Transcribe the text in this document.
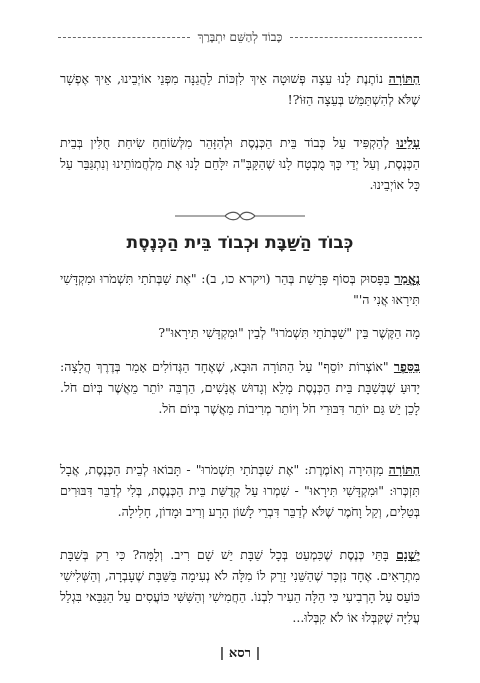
כָּבוֹד לְהַשֵּׁם יִתְבָּרַךְ

הַתּוֹרָה נוֹתֶנֶת לָנוּ עֵצָה פְּשׁוּטָה אֵיךְ לִזְכּוֹת לַהֲגַנָּה מִפְּנֵי אוֹיְבֵינוּ, אֵיךְ אֶפְשָׁר שֶׁלֹּא לְהִשְׁתַּמֵּשׁ בְּעֵצָה הַזּוֹ?!

עָלֵינוּ לְהַקְפִּיד עַל כְּבוֹד בֵּית הַכְּנֶסֶת וּלְהִזָּהֵר מִלְּשׂוֹחֵחַ שִׂיחַת חֻלִּין בְּבֵית הַכְּנֶסֶת, וְעַל יְדֵי כָּךְ מֻבְטָח לָנוּ שֶׁהַקָּבָּ"ה יִלָּחֵם לָנוּ אֶת מִלְחֲמוֹתֵינוּ וְנִתְגַּבֵּר עַל כָּל אוֹיְבֵינוּ.

כְּבוֹד הַשַּׁבָּת וּכְבוֹד בֵּית הַכְּנֶסֶת

נֶאֱמַר בַּפָּסוּק בְּסוֹף פָּרָשַׁת בְּהַר (ויקרא כו, ב): "אֶת שַׁבְּתֹתַי תִּשְׁמֹרוּ וּמִקְדָּשִׁי תִּירָאוּ אֲנִי ה'"

מָה הַקֶּשֶׁר בֵּין "שַׁבְּתֹתַי תִּשְׁמֹרוּ" לְבֵין "וּמִקְדָּשִׁי תִּירָאוּ"?

בַּסֵּפֶר "אוֹצְרוֹת יוֹסֵף" עַל הַתּוֹרָה הוּבָא, שֶׁאֶחָד הַגְּדוֹלִים אָמַר בְּדֶרֶךְ הֲלָצָה: יָדוּעַ שֶׁבְּשַׁבָּת בֵּית הַכְּנֶסֶת מָלֵא וְגָדוּשׁ אֲנָשִׁים, הַרְבֵּה יוֹתֵר מֵאֲשֶׁר בְּיוֹם חֹל. לָכֵן יֵשׁ גַּם יוֹתֵר דִּבּוּרֵי חֹל וְיוֹתֵר מְרִיבוֹת מֵאֲשֶׁר בְּיוֹם חֹל.

הַתּוֹרָה מַזְהִירָה וְאוֹמֶרֶת: "אֶת שַׁבְּתֹתַי תִּשְׁמֹרוּ" - תָּבוֹאוּ לְבֵית הַכְּנֶסֶת, אֲבָל תִּזְכְּרוּ: "וּמִקְדָּשִׁי תִּירָאוּ" - שִׁמְרוּ עַל קְדֻשַּׁת בֵּית הַכְּנֶסֶת, בְּלִי לְדַבֵּר דִּבּוּרִים בְּטֵלִים, וְקַל וָחֹמֶר שֶׁלֹּא לְדַבֵּר דִּבְרֵי לָשׁוֹן הָרָע וְרִיב וּמָדוֹן, חָלִילָה.

יֶשְׁנָם בָּתֵּי כְּנֶסֶת שֶׁכִּמְעַט בְּכָל שַׁבָּת יֵשׁ שָׁם רִיב. וְלָמָּה? כִּי רַק בְּשַׁבָּת מִתְרָאִים. אֶחָד נִזְכָּר שֶׁהַשֵּׁנִי זָרַק לוֹ מִלָּה לֹא נְעִימָה בַּשַּׁבָּת שֶׁעָבְרָה, וְהַשְּׁלִישִׁי כּוֹעֵס עַל הָרְבִיעִי כִּי הַלָּה הֵעִיר לִבְנוֹ. הַחֲמִישִׁי וְהַשִּׁשִּׁי כּוֹעֲסִים עַל הַגַּבַּאי בִּגְלַל עֲלִיָּה שֶׁקִּבְּלוּ אוֹ לֹא קִבְּלוּ...

| רסא |
